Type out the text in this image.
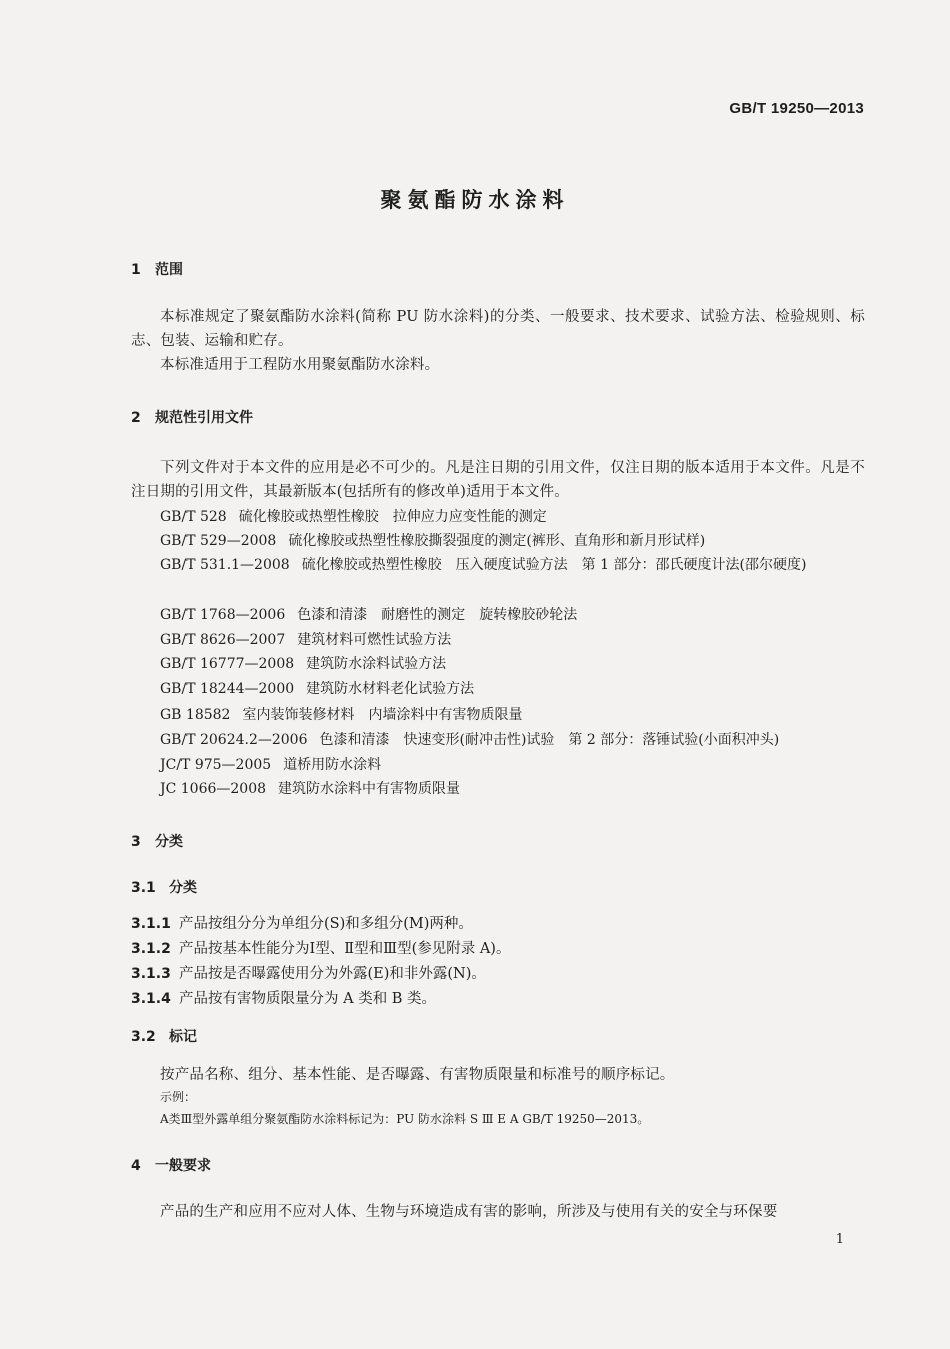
GB/T 19250—2013
聚氨酯防水涂料
1 范围

本标准规定了聚氨酯防水涂料(简称 PU 防水涂料)的分类、一般要求、技术要求、试验方法、检验规则、标志、包装、运输和贮存。

本标准适用于工程防水用聚氨酯防水涂料。

2 规范性引用文件

下列文件对于本文件的应用是必不可少的。凡是注日期的引用文件，仅注日期的版本适用于本文件。凡是不注日期的引用文件，其最新版本(包括所有的修改单)适用于本文件。

GB/T 528 硫化橡胶或热塑性橡胶　拉伸应力应变性能的测定

GB/T 529—2008 硫化橡胶或热塑性橡胶撕裂强度的测定(裤形、直角形和新月形试样)

GB/T 531.1—2008 硫化橡胶或热塑性橡胶　压入硬度试验方法　第 1 部分：邵氏硬度计法(邵尔硬度)

GB/T 1768—2006 色漆和清漆　耐磨性的测定　旋转橡胶砂轮法

GB/T 8626—2007 建筑材料可燃性试验方法

GB/T 16777—2008 建筑防水涂料试验方法

GB/T 18244—2000 建筑防水材料老化试验方法

GB 18582 室内装饰装修材料　内墙涂料中有害物质限量

GB/T 20624.2—2006 色漆和清漆　快速变形(耐冲击性)试验　第 2 部分：落锤试验(小面积冲头)

JC/T 975—2005 道桥用防水涂料

JC 1066—2008 建筑防水涂料中有害物质限量

3 分类
3.1 分类
3.1.1 产品按组分分为单组分(S)和多组分(M)两种。
3.1.2 产品按基本性能分为Ⅰ型、Ⅱ型和Ⅲ型(参见附录 A)。
3.1.3 产品按是否曝露使用分为外露(E)和非外露(N)。
3.1.4 产品按有害物质限量分为 A 类和 B 类。
3.2 标记

按产品名称、组分、基本性能、是否曝露、有害物质限量和标准号的顺序标记。

示例：
A类Ⅲ型外露单组分聚氨酯防水涂料标记为：PU 防水涂料 S Ⅲ E A GB/T 19250—2013。
4 一般要求

产品的生产和应用不应对人体、生物与环境造成有害的影响，所涉及与使用有关的安全与环保要

1
